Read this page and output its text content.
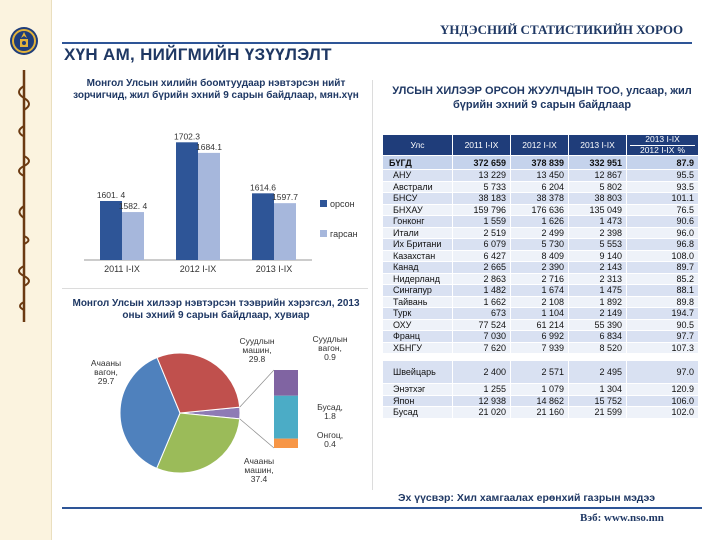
ҮНДЭСНИЙ СТАТИСТИКИЙН ХОРОО
ХҮН АМ, НИЙГМИЙН ҮЗҮҮЛЭЛТ
Монгол Улсын хилийн боомтуудаар нэвтэрсэн нийт зорчигчид, жил бүрийн эхний 9 сарын байдлаар, мян.хүн
1601. 4
1582. 4
2011 I-IX
1702.3
1684.1
2012 I-IX
1614.6
1597.7
2013 I-IX
орсон
гарсан
Монгол Улсын хилээр нэвтэрсэн тээврийн хэрэгсэл, 2013 оны эхний 9 сарын байдлаар, хувиар
Суудлын машин, 29.8
Ачааны машин, 37.4
Ачааны вагон, 29.7
Суудлын вагон, 0.9
Бусад, 1.8
Онгоц, 0.4
УЛСЫН ХИЛЭЭР ОРСОН ЖУУЛЧДЫН ТОО, улсаар, жил бүрийн эхний 9 сарын байдлаар
Улс	2011 I-IX	2012 I-IX	2013 I-IX	2013 I-IX
2012 I-IX %
БҮГД	372 659	378 839	332 951	87.9
АНУ	13 229	13 450	12 867	95.5
Австрали	5 733	6 204	5 802	93.5
БНСУ	38 183	38 378	38 803	101.1
БНХАУ	159 796	176 636	135 049	76.5
Гонконг	1 559	1 626	1 473	90.6
Итали	2 519	2 499	2 398	96.0
Их Британи	6 079	5 730	5 553	96.8
Казахстан	6 427	8 409	9 140	108.0
Канад	2 665	2 390	2 143	89.7
Нидерланд	2 863	2 716	2 313	85.2
Сингапур	1 482	1 674	1 475	88.1
Тайвань	1 662	2 108	1 892	89.8
Турк	673	1 104	2 149	194.7
ОХУ	77 524	61 214	55 390	90.5
Франц	7 030	6 992	6 834	97.7
ХБНГУ	7 620	7 939	8 520	107.3

Швейцарь	2 400	2 571	2 495	97.0
Энэтхэг	1 255	1 079	1 304	120.9
Япон	12 938	14 862	15 752	106.0
Бусад	21 020	21 160	21 599	102.0
Эх үүсвэр: Хил хамгаалах ерөнхий газрын мэдээ
Вэб: www.nso.mn
